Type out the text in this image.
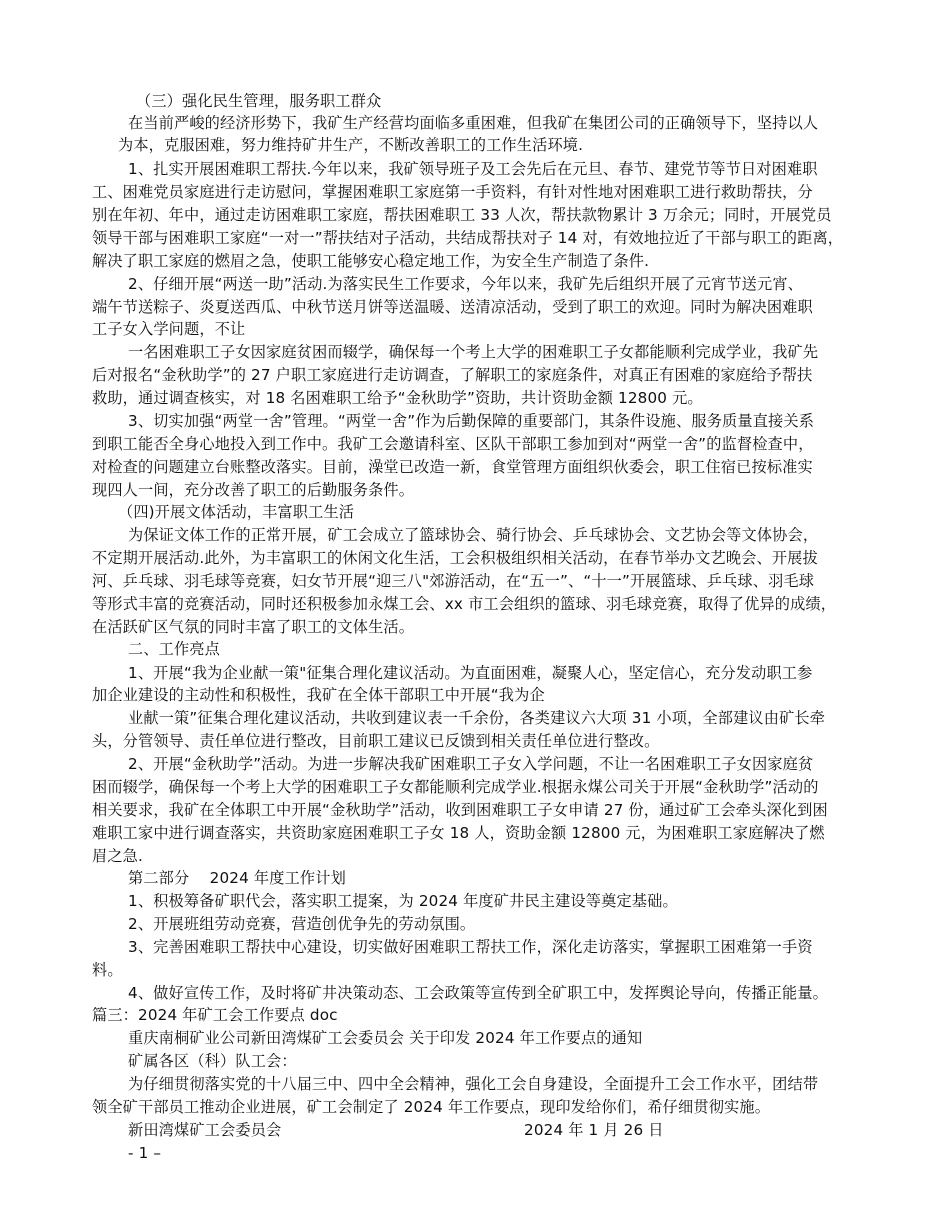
（三）强化民生管理，服务职工群众
在当前严峻的经济形势下，我矿生产经营均面临多重困难，但我矿在集团公司的正确领导下，坚持以人
为本，克服困难，努力维持矿井生产，不断改善职工的工作生活环境.
1、扎实开展困难职工帮扶.今年以来，我矿领导班子及工会先后在元旦、春节、建党节等节日对困难职
工、困难党员家庭进行走访慰问，掌握困难职工家庭第一手资料，有针对性地对困难职工进行救助帮扶，分
别在年初、年中，通过走访困难职工家庭，帮扶困难职工 33 人次，帮扶款物累计 3 万余元；同时，开展党员
领导干部与困难职工家庭“一对一”帮扶结对子活动，共结成帮扶对子 14 对，有效地拉近了干部与职工的距离，
解决了职工家庭的燃眉之急，使职工能够安心稳定地工作，为安全生产制造了条件.
2、仔细开展“两送一助”活动.为落实民生工作要求，今年以来，我矿先后组织开展了元宵节送元宵、
端午节送粽子、炎夏送西瓜、中秋节送月饼等送温暖、送清凉活动，受到了职工的欢迎。同时为解决困难职
工子女入学问题，不让
一名困难职工子女因家庭贫困而辍学，确保每一个考上大学的困难职工子女都能顺利完成学业，我矿先
后对报名“金秋助学”的 27 户职工家庭进行走访调查，了解职工的家庭条件，对真正有困难的家庭给予帮扶
救助，通过调查核实，对 18 名困难职工给予“金秋助学”资助，共计资助金额 12800 元。
3、切实加强“两堂一舍”管理。“两堂一舍”作为后勤保障的重要部门，其条件设施、服务质量直接关系
到职工能否全身心地投入到工作中。我矿工会邀请科室、区队干部职工参加到对“两堂一舍”的监督检查中，
对检查的问题建立台账整改落实。目前，澡堂已改造一新，食堂管理方面组织伙委会，职工住宿已按标准实
现四人一间，充分改善了职工的后勤服务条件。
（四)开展文体活动，丰富职工生活
为保证文体工作的正常开展，矿工会成立了篮球协会、骑行协会、乒乓球协会、文艺协会等文体协会，
不定期开展活动.此外，为丰富职工的休闲文化生活，工会积极组织相关活动，在春节举办文艺晚会、开展拔
河、乒乓球、羽毛球等竞赛，妇女节开展“迎三八"郊游活动，在“五一”、“十一”开展篮球、乒乓球、羽毛球
等形式丰富的竞赛活动，同时还积极参加永煤工会、xx 市工会组织的篮球、羽毛球竞赛，取得了优异的成绩，
在活跃矿区气氛的同时丰富了职工的文体生活。
二、工作亮点
1、开展“我为企业献一策"征集合理化建议活动。为直面困难，凝聚人心，坚定信心，充分发动职工参
加企业建设的主动性和积极性，我矿在全体干部职工中开展“我为企
业献一策”征集合理化建议活动，共收到建议表一千余份，各类建议六大项 31 小项，全部建议由矿长牵
头，分管领导、责任单位进行整改，目前职工建议已反馈到相关责任单位进行整改。
2、开展“金秋助学”活动。为进一步解决我矿困难职工子女入学问题，不让一名困难职工子女因家庭贫
困而辍学，确保每一个考上大学的困难职工子女都能顺利完成学业.根据永煤公司关于开展“金秋助学”活动的
相关要求，我矿在全体职工中开展“金秋助学”活动，收到困难职工子女申请 27 份，通过矿工会牵头深化到困
难职工家中进行调查落实，共资助家庭困难职工子女 18 人，资助金额 12800 元，为困难职工家庭解决了燃
眉之急.
第二部分　 2024 年度工作计划
1、积极筹备矿职代会，落实职工提案，为 2024 年度矿井民主建设等奠定基础。
2、开展班组劳动竞赛，营造创优争先的劳动氛围。
3、完善困难职工帮扶中心建设，切实做好困难职工帮扶工作，深化走访落实，掌握职工困难第一手资
料。
4、做好宣传工作，及时将矿井决策动态、工会政策等宣传到全矿职工中，发挥舆论导向，传播正能量。
篇三：2024 年矿工会工作要点 doc
重庆南桐矿业公司新田湾煤矿工会委员会 关于印发 2024 年工作要点的通知
矿属各区（科）队工会：
为仔细贯彻落实党的十八届三中、四中全会精神，强化工会自身建设，全面提升工会工作水平，团结带
领全矿干部员工推动企业进展，矿工会制定了 2024 年工作要点，现印发给你们，希仔细贯彻实施。
新田湾煤矿工会委员会	2024 年 1 月 26 日
- 1 –
